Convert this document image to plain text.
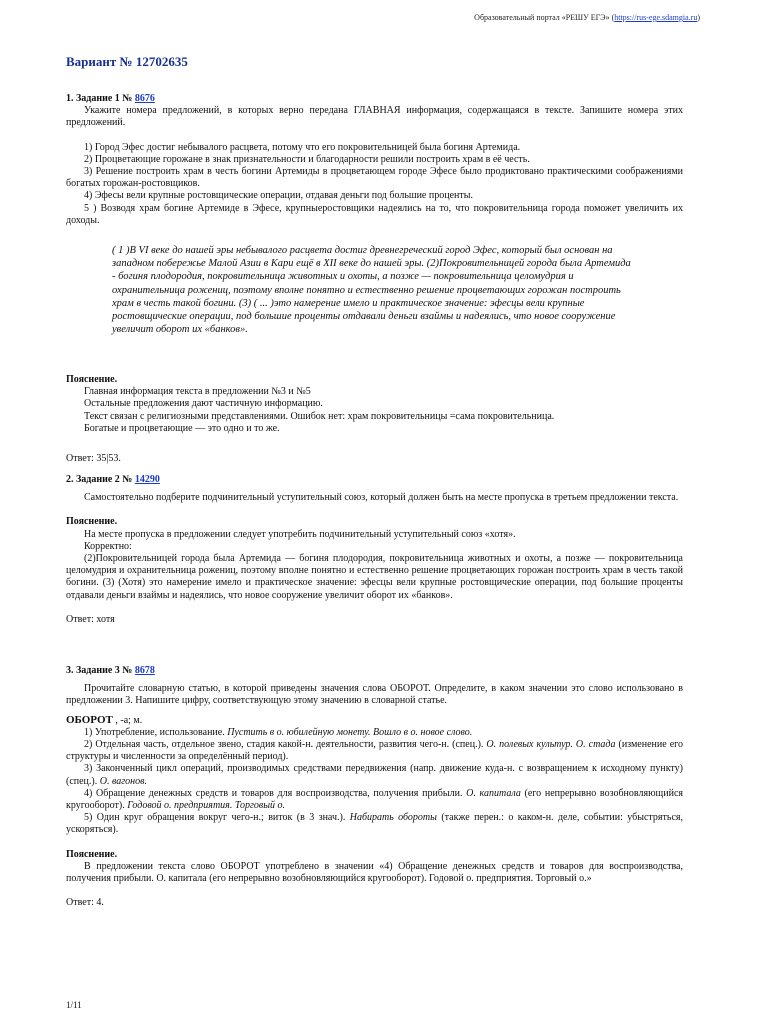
Образовательный портал «РЕШУ ЕГЭ» (https://rus-ege.sdamgia.ru)
Вариант № 12702635
1. Задание 1 № 8676

Укажите номера предложений, в которых верно передана ГЛАВНАЯ информация, содержащаяся в тексте. Запишите номера этих предложений.

1) Город Эфес достиг небывалого расцвета, потому что его покровительницей была богиня Артемида.

2) Процветающие горожане в знак признательности и благодарности решили построить храм в её честь.

3) Решение построить храм в честь богини Артемиды в процветающем городе Эфесе было продиктовано практическими соображениями богатых горожан-ростовщиков.

4) Эфесы вели крупные ростовщические операции, отдавая деньги под большие проценты.

5 ) Возводя храм богине Артемиде в Эфесе, крупныеростовщики надеялись на то, что покровительница города поможет увеличить их доходы.

( 1 )В VI веке до нашей эры небывалого расцвета достиг древнегреческий город Эфес, который был основан на западном побережье Малой Азии в Кари ещё в XII веке до нашей эры. (2)Покровительницей города была Артемида - богиня плодородия, покровительница животных и охоты, а позже — покровительница целомудрия и охранительница рожениц, поэтому вполне понятно и естественно решение процветающих горожан построить храм в честь такой богини. (3) ( ... )это намерение имело и практическое значение: эфесцы вели крупные ростовщические операции, под большие проценты отдавали деньги взаймы и надеялись, что новое сооружение увеличит оборот их «банков».
Пояснение.

Главная информация текста в предложении №3 и №5

Остальные предложения дают частичную информацию.

Текст связан с религиозными представлениями. Ошибок нет: храм покровительницы =сама покровительница.

Богатые и процветающие — это одно и то же.

Ответ: 35|53.

2. Задание 2 № 14290

Самостоятельно подберите подчинительный уступительный союз, который должен быть на месте пропуска в третьем предложении текста.

Пояснение.

На месте пропуска в предложении следует употребить подчинительный уступительный союз «хотя».

Корректно:

(2)Покровительницей города была Артемида — богиня плодородия, покровительница животных и охоты, а позже — покровительница целомудрия и охранительница рожениц, поэтому вполне понятно и естественно решение процветающих горожан построить храм в честь такой богини. (3) (Хотя) это намерение имело и практическое значение: эфесцы вели крупные ростовщические операции, под большие проценты отдавали деньги взаймы и надеялись, что новое сооружение увеличит оборот их «банков».

Ответ: хотя

3. Задание 3 № 8678

Прочитайте словарную статью, в которой приведены значения слова ОБОРОТ. Определите, в каком значении это слово использовано в предложении 3. Напишите цифру, соответствующую этому значению в словарной статье.

ОБОРОТ , -а; м.

1) Употребление, использование. Пустить в о. юбилейную монету. Вошло в о. новое слово.

2) Отдельная часть, отдельное звено, стадия какой-н. деятельности, развития чего-н. (спец.). О. полевых культур. О. стада (изменение его структуры и численности за определённый период).

3) Законченный цикл операций, производимых средствами передвижения (напр. движение куда-н. с возвращением к исходному пункту) (спец.). О. вагонов.

4) Обращение денежных средств и товаров для воспроизводства, получения прибыли. О. капитала (его непрерывно возобновляющийся кругооборот). Годовой о. предприятия. Торговый о.

5) Один круг обращения вокруг чего-н.; виток (в 3 знач.). Набирать обороты (также перен.: о каком-н. деле, событии: убыстряться, ускоряться).

Пояснение.

В предложении текста слово ОБОРОТ употреблено в значении «4) Обращение денежных средств и товаров для воспроизводства, получения прибыли. О. капитала (его непрерывно возобновляющийся кругооборот). Годовой о. предприятия. Торговый о.»

Ответ: 4.

1/11
